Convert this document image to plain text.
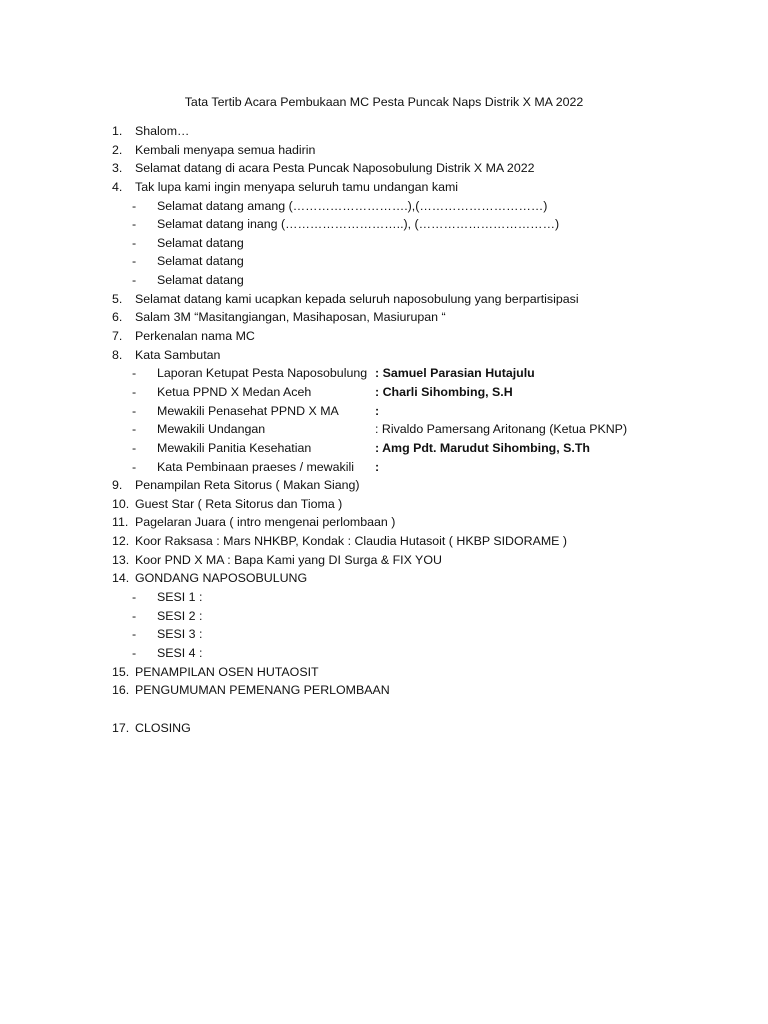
Tata Tertib Acara Pembukaan MC Pesta Puncak Naps Distrik X MA 2022
1. Shalom…
2. Kembali menyapa semua hadirin
3. Selamat datang di acara Pesta Puncak Naposobulung Distrik X MA 2022
4. Tak lupa kami ingin menyapa seluruh tamu undangan kami
- Selamat datang amang (……………………….),(…………………………)
- Selamat datang inang (………………………..), (……………………………)
- Selamat datang
- Selamat datang
- Selamat datang
5. Selamat datang kami ucapkan kepada seluruh naposobulung yang berpartisipasi
6. Salam 3M “Masitangiangan, Masihaposan, Masiurupan “
7. Perkenalan nama MC
8. Kata Sambutan
- Laporan Ketupat Pesta Naposobulung : Samuel Parasian Hutajulu
- Ketua PPND X Medan Aceh	: Charli Sihombing, S.H
- Mewakili Penasehat PPND X MA	:
- Mewakili Undangan	: Rivaldo Pamersang Aritonang (Ketua PKNP)
- Mewakili Panitia Kesehatian	: Amg Pdt. Marudut Sihombing, S.Th
- Kata Pembinaan praeses / mewakili :
9. Penampilan Reta Sitorus ( Makan Siang)
10. Guest Star ( Reta Sitorus dan Tioma )
11. Pagelaran Juara ( intro mengenai perlombaan )
12. Koor Raksasa : Mars NHKBP, Kondak : Claudia Hutasoit ( HKBP SIDORAME )
13. Koor PND X MA : Bapa Kami yang DI Surga & FIX YOU
14. GONDANG NAPOSOBULUNG
- SESI 1 :
- SESI 2 :
- SESI 3 :
- SESI 4 :
15. PENAMPILAN OSEN HUTAOSIT
16. PENGUMUMAN PEMENANG PERLOMBAAN
17. CLOSING
